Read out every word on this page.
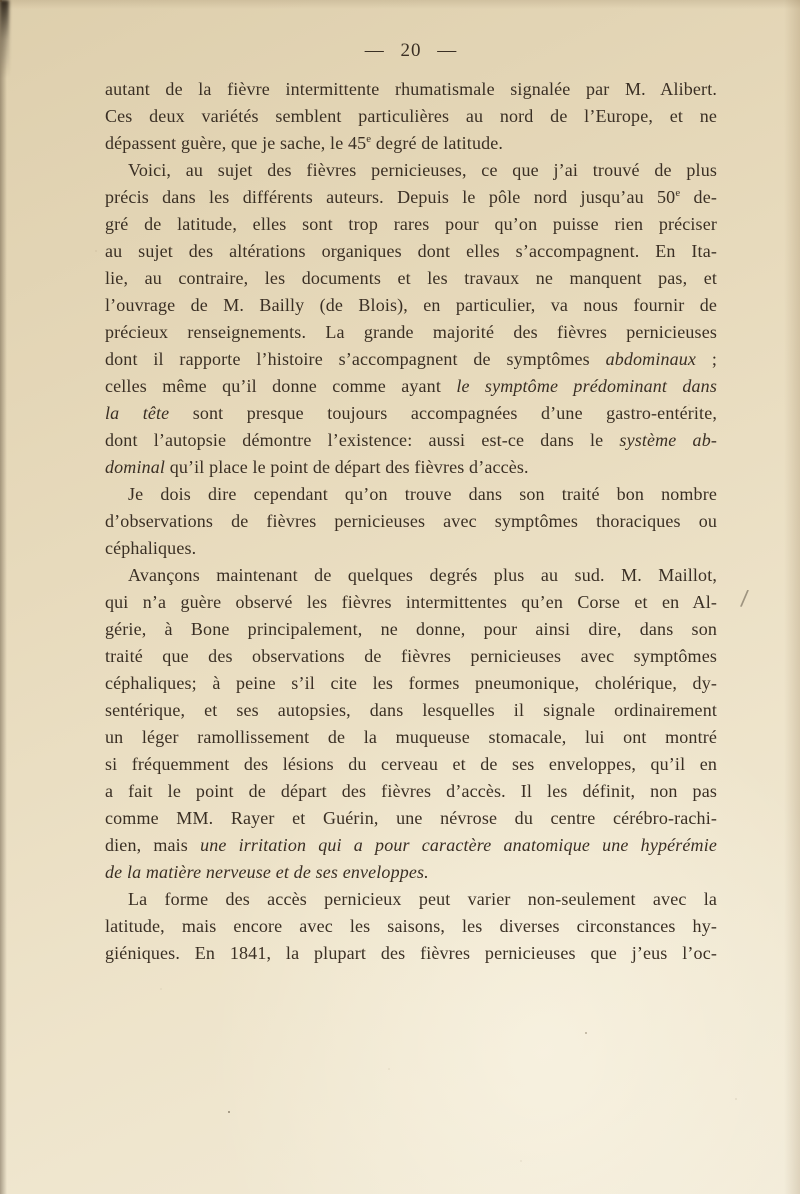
— 20 —
autant de la fièvre intermittente rhumatismale signalée par M. Alibert.
Ces deux variétés semblent particulières au nord de l’Europe, et ne
dépassent guère, que je sache, le 45e degré de latitude.
Voici, au sujet des fièvres pernicieuses, ce que j’ai trouvé de plus
précis dans les différents auteurs. Depuis le pôle nord jusqu’au 50e de-
gré de latitude, elles sont trop rares pour qu’on puisse rien préciser
au sujet des altérations organiques dont elles s’accompagnent. En Ita-
lie, au contraire, les documents et les travaux ne manquent pas, et
l’ouvrage de M. Bailly (de Blois), en particulier, va nous fournir de
précieux renseignements. La grande majorité des fièvres pernicieuses
dont il rapporte l’histoire s’accompagnent de symptômes abdominaux ;
celles même qu’il donne comme ayant le symptôme prédominant dans
la tête sont presque toujours accompagnées d’une gastro-entérite,
dont l’autopsie démontre l’existence: aussi est-ce dans le système ab-
dominal qu’il place le point de départ des fièvres d’accès.
Je dois dire cependant qu’on trouve dans son traité bon nombre
d’observations de fièvres pernicieuses avec symptômes thoraciques ou
céphaliques.
Avançons maintenant de quelques degrés plus au sud. M. Maillot,
qui n’a guère observé les fièvres intermittentes qu’en Corse et en Al-
gérie, à Bone principalement, ne donne, pour ainsi dire, dans son
traité que des observations de fièvres pernicieuses avec symptômes
céphaliques; à peine s’il cite les formes pneumonique, cholérique, dy-
sentérique, et ses autopsies, dans lesquelles il signale ordinairement
un léger ramollissement de la muqueuse stomacale, lui ont montré
si fréquemment des lésions du cerveau et de ses enveloppes, qu’il en
a fait le point de départ des fièvres d’accès. Il les définit, non pas
comme MM. Rayer et Guérin, une névrose du centre cérébro-rachi-
dien, mais une irritation qui a pour caractère anatomique une hypérémie
de la matière nerveuse et de ses enveloppes.
La forme des accès pernicieux peut varier non-seulement avec la
latitude, mais encore avec les saisons, les diverses circonstances hy-
giéniques. En 1841, la plupart des fièvres pernicieuses que j’eus l’oc-
/
